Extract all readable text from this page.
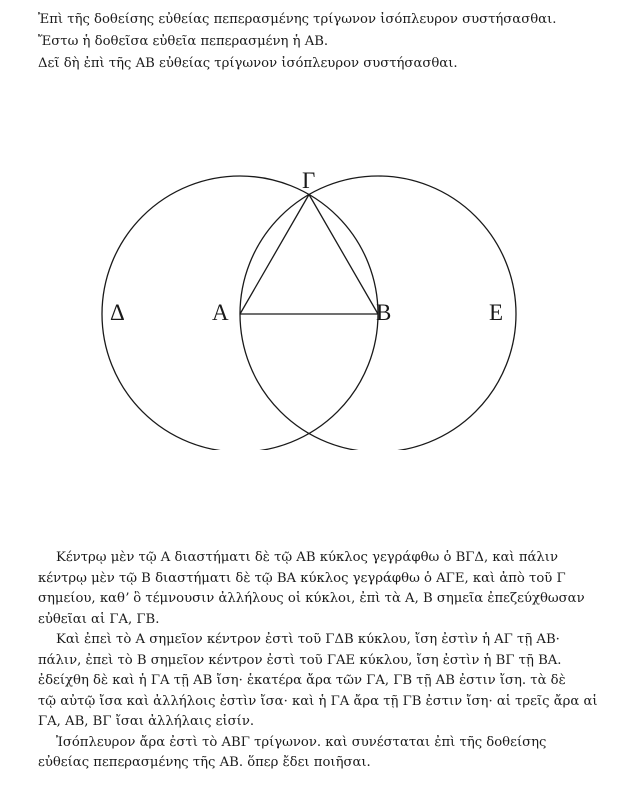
Ἐπὶ τῆς δοθείσης εὐθείας πεπερασμένης τρίγωνον ἰσόπλευρον συστήσασθαι.
Ἔστω ἡ δοθεῖσα εὐθεῖα πεπερασμένη ἡ ΑΒ.
Δεῖ δὴ ἐπὶ τῆς ΑΒ εὐθείας τρίγωνον ἰσόπλευρον συστήσασθαι.
Α	Β
Γ
Δ	Ε
Κέντρῳ μὲν τῷ Α διαστήματι δὲ τῷ ΑΒ κύκλος γεγράφθω ὁ ΒΓΔ, καὶ πάλιν
κέντρῳ μὲν τῷ Β διαστήματι δὲ τῷ ΒΑ κύκλος γεγράφθω ὁ ΑΓΕ, καὶ ἀπὸ τοῦ Γ
σημείου, καθʼ ὃ τέμνουσιν ἀλλήλους οἱ κύκλοι, ἐπὶ τὰ Α, Β σημεῖα ἐπεζεύχθωσαν
εὐθεῖαι αἱ ΓΑ, ΓΒ.
Καὶ ἐπεὶ τὸ Α σημεῖον κέντρον ἐστὶ τοῦ ΓΔΒ κύκλου, ἴση ἐστὶν ἡ ΑΓ τῇ ΑΒ·
πάλιν, ἐπεὶ τὸ Β σημεῖον κέντρον ἐστὶ τοῦ ΓΑΕ κύκλου, ἴση ἐστὶν ἡ ΒΓ τῇ ΒΑ.
ἐδείχθη δὲ καὶ ἡ ΓΑ τῇ ΑΒ ἴση· ἑκατέρα ἄρα τῶν ΓΑ, ΓΒ τῇ ΑΒ ἐστιν ἴση. τὰ δὲ
τῷ αὐτῷ ἴσα καὶ ἀλλήλοις ἐστὶν ἴσα· καὶ ἡ ΓΑ ἄρα τῇ ΓΒ ἐστιν ἴση· αἱ τρεῖς ἄρα αἱ
ΓΑ, ΑΒ, ΒΓ ἴσαι ἀλλήλαις εἰσίν.
Ἰσόπλευρον ἄρα ἐστὶ τὸ ΑΒΓ τρίγωνον. καὶ συνέσταται ἐπὶ τῆς δοθείσης
εὐθείας πεπερασμένης τῆς ΑΒ. ὅπερ ἔδει ποιῆσαι.
